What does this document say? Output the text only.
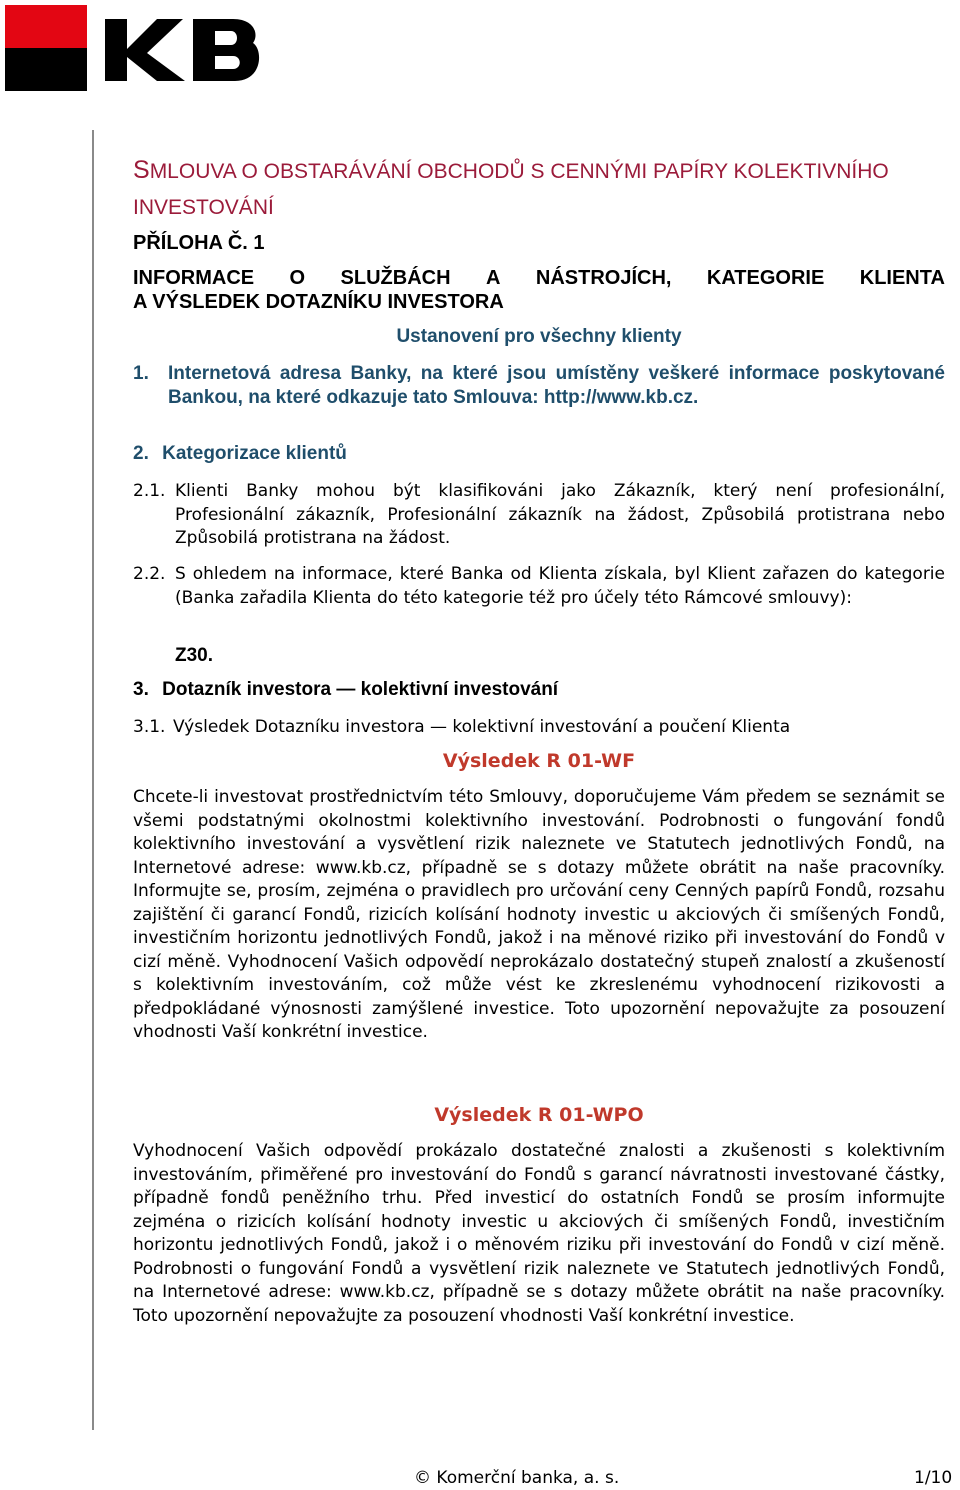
SMLOUVA O OBSTARÁVÁNÍ OBCHODŮ S CENNÝMI PAPÍRY KOLEKTIVNÍHO
INVESTOVÁNÍ
PŘÍLOHA Č. 1
INFORMACE O SLUŽBÁCH A NÁSTROJÍCH, KATEGORIE KLIENTA
A VÝSLEDEK DOTAZNÍKU INVESTORA
Ustanovení pro všechny klienty
1. Internetová adresa Banky, na které jsou umístěny veškeré informace poskytované Bankou, na které odkazuje tato Smlouva: http://www.kb.cz.
2. Kategorizace klientů
2.1. Klienti Banky mohou být klasifikováni jako Zákazník, který není profesionální, Profesionální zákazník, Profesionální zákazník na žádost, Způsobilá protistrana nebo Způsobilá protistrana na žádost.
2.2. S ohledem na informace, které Banka od Klienta získala, byl Klient zařazen do kategorie (Banka zařadila Klienta do této kategorie též pro účely této Rámcové smlouvy):
Z30.
3. Dotazník investora — kolektivní investování
3.1. Výsledek Dotazníku investora — kolektivní investování a poučení Klienta
Výsledek R 01-WF
Chcete-li investovat prostřednictvím této Smlouvy, doporučujeme Vám předem se seznámit se všemi podstatnými okolnostmi kolektivního investování. Podrobnosti o fungování fondů kolektivního investování a vysvětlení rizik naleznete ve Statutech jednotlivých Fondů, na Internetové adrese: www.kb.cz, případně se s dotazy můžete obrátit na naše pracovníky. Informujte se, prosím, zejména o pravidlech pro určování ceny Cenných papírů Fondů, rozsahu zajištění či garancí Fondů, rizicích kolísání hodnoty investic u akciových či smíšených Fondů, investičním horizontu jednotlivých Fondů, jakož i na měnové riziko při investování do Fondů v cizí měně. Vyhodnocení Vašich odpovědí neprokázalo dostatečný stupeň znalostí a zkušeností s kolektivním investováním, což může vést ke zkreslenému vyhodnocení rizikovosti a předpokládané výnosnosti zamýšlené investice. Toto upozornění nepovažujte za posouzení vhodnosti Vaší konkrétní investice.
Výsledek R 01-WPO
Vyhodnocení Vašich odpovědí prokázalo dostatečné znalosti a zkušenosti s kolektivním investováním, přiměřené pro investování do Fondů s garancí návratnosti investované částky, případně fondů peněžního trhu. Před investicí do ostatních Fondů se prosím informujte zejména o rizicích kolísání hodnoty investic u akciových či smíšených Fondů, investičním horizontu jednotlivých Fondů, jakož i o měnovém riziku při investování do Fondů v cizí měně. Podrobnosti o fungování Fondů a vysvětlení rizik naleznete ve Statutech jednotlivých Fondů, na Internetové adrese: www.kb.cz, případně se s dotazy můžete obrátit na naše pracovníky. Toto upozornění nepovažujte za posouzení vhodnosti Vaší konkrétní investice.
© Komerční banka, a. s.	1/10
